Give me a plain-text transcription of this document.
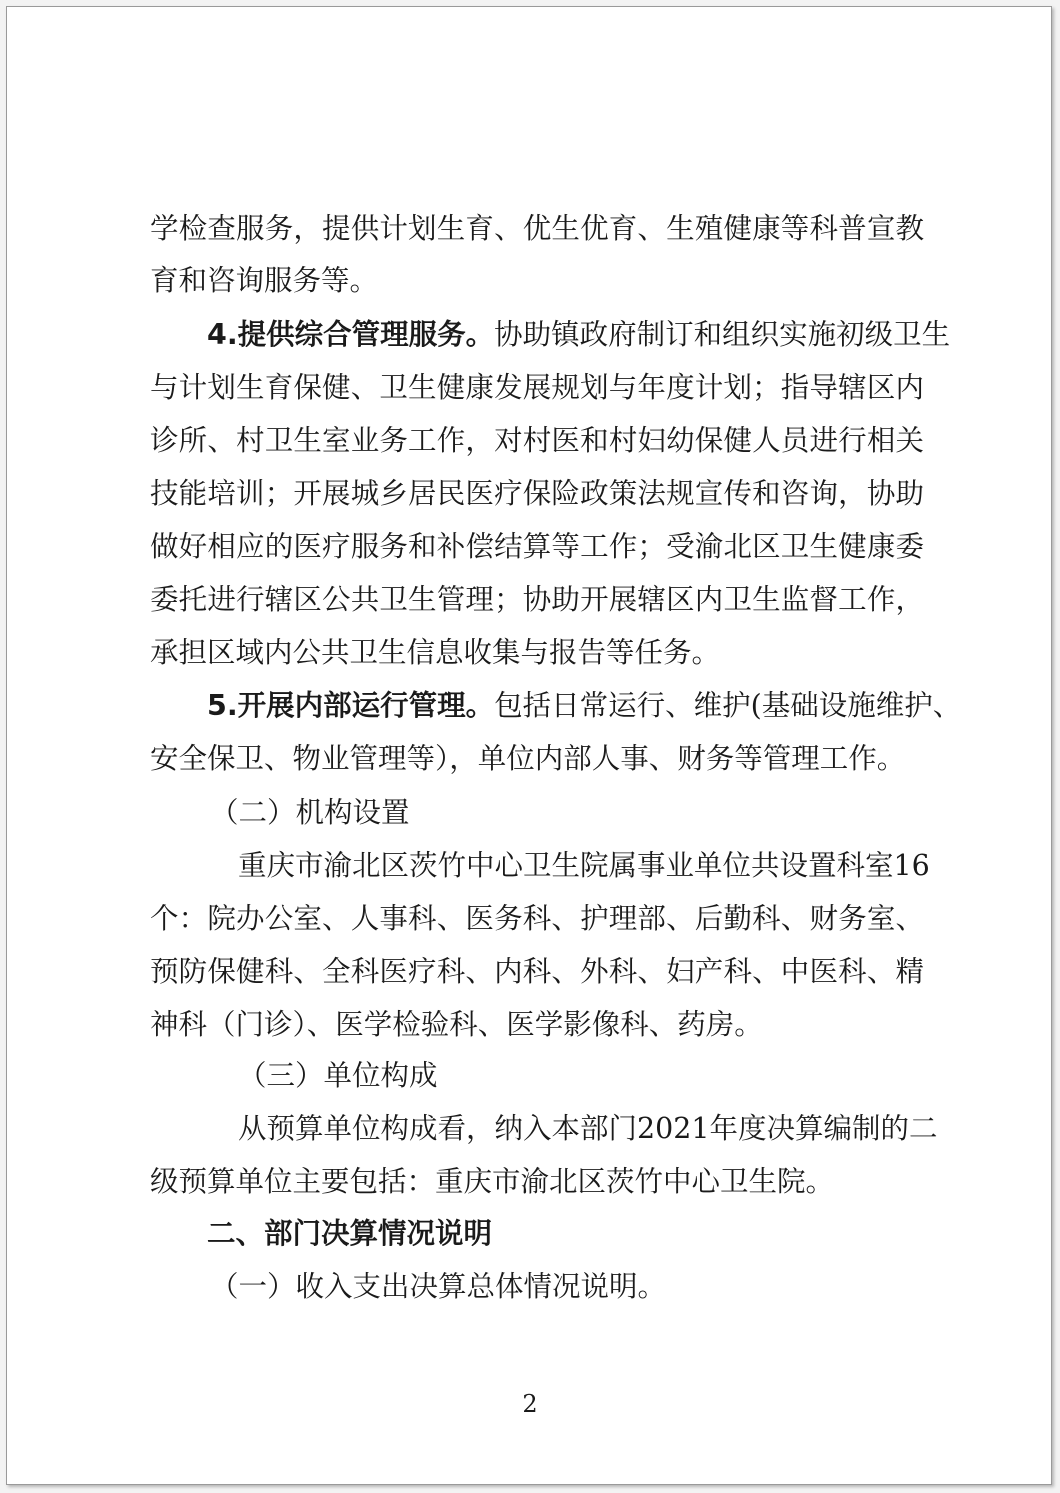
学检查服务，提供计划生育、优生优育、生殖健康等科普宣教
育和咨询服务等。
4.提供综合管理服务。协助镇政府制订和组织实施初级卫生
与计划生育保健、卫生健康发展规划与年度计划；指导辖区内
诊所、村卫生室业务工作，对村医和村妇幼保健人员进行相关
技能培训；开展城乡居民医疗保险政策法规宣传和咨询，协助
做好相应的医疗服务和补偿结算等工作；受渝北区卫生健康委
委托进行辖区公共卫生管理；协助开展辖区内卫生监督工作，
承担区域内公共卫生信息收集与报告等任务。
5.开展内部运行管理。包括日常运行、维护(基础设施维护、
安全保卫、物业管理等），单位内部人事、财务等管理工作。
（二）机构设置
重庆市渝北区茨竹中心卫生院属事业单位共设置科室16
个：院办公室、人事科、医务科、护理部、后勤科、财务室、
预防保健科、全科医疗科、内科、外科、妇产科、中医科、精
神科（门诊）、医学检验科、医学影像科、药房。
（三）单位构成
从预算单位构成看，纳入本部门2021年度决算编制的二
级预算单位主要包括：重庆市渝北区茨竹中心卫生院。
二、部门决算情况说明
（一）收入支出决算总体情况说明。
2
